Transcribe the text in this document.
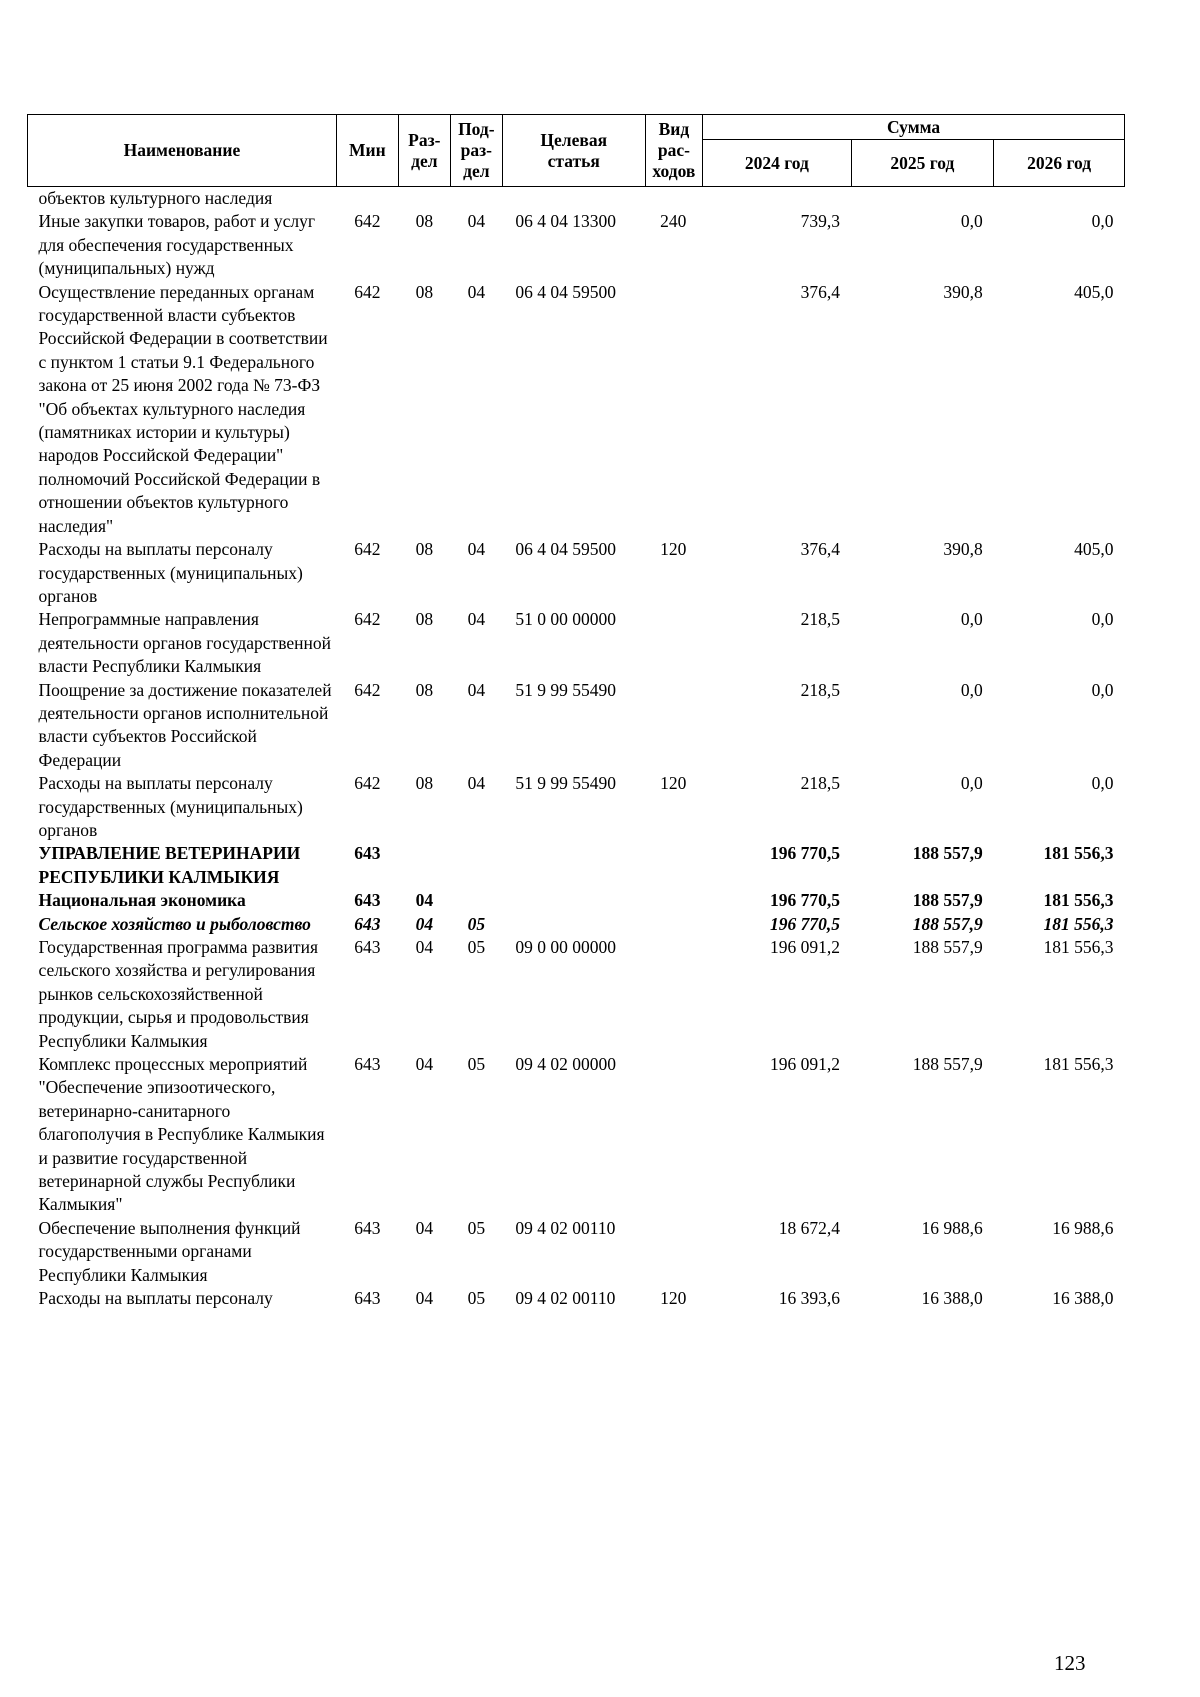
Наименование	Мин	Раз-дел	Под-раз-дел	Целевая статья	Вид рас-ходов	Сумма		
						2024 год	2025 год	2026 год
объектов культурного наследия								
Иные закупки товаров, работ и услуг для обеспечения государственных (муниципальных) нужд	642	08	04	06 4 04 13300	240	739,3	0,0	0,0
Осуществление переданных органам государственной власти субъектов Российской Федерации в соответствии с пунктом 1 статьи 9.1 Федерального закона от 25 июня 2002 года № 73-ФЗ "Об объектах культурного наследия (памятниках истории и культуры) народов Российской Федерации" полномочий Российской Федерации в отношении объектов культурного наследия"	642	08	04	06 4 04 59500		376,4	390,8	405,0
Расходы на выплаты персоналу государственных (муниципальных) органов	642	08	04	06 4 04 59500	120	376,4	390,8	405,0
Непрограммные направления деятельности органов государственной власти Республики Калмыкия	642	08	04	51 0 00 00000		218,5	0,0	0,0
Поощрение за достижение показателей деятельности органов исполнительной власти субъектов Российской Федерации	642	08	04	51 9 99 55490		218,5	0,0	0,0
Расходы на выплаты персоналу государственных (муниципальных) органов	642	08	04	51 9 99 55490	120	218,5	0,0	0,0
УПРАВЛЕНИЕ ВЕТЕРИНАРИИ РЕСПУБЛИКИ КАЛМЫКИЯ	643					196 770,5	188 557,9	181 556,3
Национальная экономика	643	04				196 770,5	188 557,9	181 556,3
Сельское хозяйство и рыболовство	643	04	05			196 770,5	188 557,9	181 556,3
Государственная программа развития сельского хозяйства и регулирования рынков сельскохозяйственной продукции, сырья и продовольствия Республики Калмыкия	643	04	05	09 0 00 00000		196 091,2	188 557,9	181 556,3
Комплекс процессных мероприятий "Обеспечение эпизоотического, ветеринарно-санитарного благополучия в Республике Калмыкия и развитие государственной ветеринарной службы Республики Калмыкия"	643	04	05	09 4 02 00000		196 091,2	188 557,9	181 556,3
Обеспечение выполнения функций государственными органами Республики Калмыкия	643	04	05	09 4 02 00110		18 672,4	16 988,6	16 988,6
Расходы на выплаты персоналу	643	04	05	09 4 02 00110	120	16 393,6	16 388,0	16 388,0
123
